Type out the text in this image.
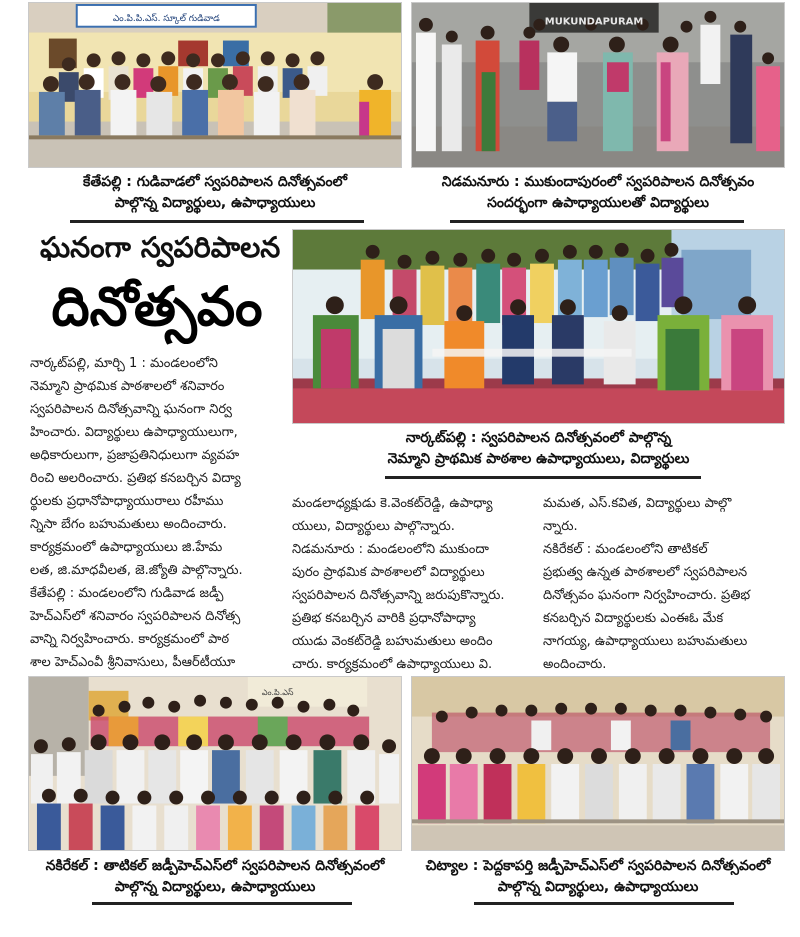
ఎం.పి.పి.ఎస్. స్కూల్ గుడివాడ	MUKUNDAPURAM
కేతేపల్లి : గుడివాడలో స్వపరిపాలన దినోత్సవంలో
పాల్గొన్న విద్యార్థులు, ఉపాధ్యాయులు
నిడమనూరు : ముకుందాపురంలో స్వపరిపాలన దినోత్సవం
సందర్భంగా ఉపాధ్యాయులతో విద్యార్థులు
ఘనంగా స్వపరిపాలన
దినోత్సవం
నార్కట్‌పల్లి : స్వపరిపాలన దినోత్సవంలో పాల్గొన్న
నెమ్మాని ప్రాథమిక పాఠశాల ఉపాధ్యాయులు, విద్యార్థులు
నార్కట్‌పల్లి, మార్చి 1 : మండలంలోని
నెమ్మాని ప్రాథమిక పాఠశాలలో శనివారం
స్వపరిపాలన దినోత్సవాన్ని ఘనంగా నిర్వ
హించారు. విద్యార్థులు ఉపాధ్యాయులుగా,
అధికారులుగా, ప్రజాప్రతినిధులుగా వ్యవహ
రించి అలరించారు. ప్రతిభ కనబర్చిన విద్యా
ర్థులకు ప్రధానోపాధ్యాయురాలు రహీము
న్నిసా బేగం బహుమతులు అందించారు.
కార్యక్రమంలో ఉపాధ్యాయులు జి.హేమ
లత, జి.మాధవీలత, జె.జ్యోతి పాల్గొన్నారు.
కేతేపల్లి : మండలంలోని గుడివాడ జడ్పీ
హెచ్‌ఎస్‌లో శనివారం స్వపరిపాలన దినోత్స
వాన్ని నిర్వహించారు. కార్యక్రమంలో పాఠ
శాల హెచ్‌ఎంవీ శ్రీనివాసులు, పీఆర్‌టీయూ
మండలాధ్యక్షుడు కె.వెంకట్‌రెడ్డి, ఉపాధ్యా
యులు, విద్యార్థులు పాల్గొన్నారు.
నిడమనూరు : మండలంలోని ముకుందా
పురం ప్రాథమిక పాఠశాలలో విద్యార్థులు
స్వపరిపాలన దినోత్సవాన్ని జరుపుకొన్నారు.
ప్రతిభ కనబర్చిన వారికి ప్రధానోపాధ్యా
యుడు వెంకట్‌రెడ్డి బహుమతులు అందిం
చారు. కార్యక్రమంలో ఉపాధ్యాయులు వి.
మమత, ఎస్.కవిత, విద్యార్థులు పాల్గొ
న్నారు.
నకిరేకల్ : మండలంలోని తాటికల్
ప్రభుత్వ ఉన్నత పాఠశాలలో స్వపరిపాలన
దినోత్సవం ఘనంగా నిర్వహించారు. ప్రతిభ
కనబర్చిన విద్యార్థులకు ఎంఈఓ మేక
నాగయ్య, ఉపాధ్యాయులు బహుమతులు
అందించారు.
ఎం.పి.ఎస్
నకిరేకల్ : తాటికల్ జడ్పీహెచ్‌ఎస్‌లో స్వపరిపాలన దినోత్సవంలో
పాల్గొన్న విద్యార్థులు, ఉపాధ్యాయులు
చిట్యాల : పెద్దకాపర్తి జడ్పీహెచ్‌ఎస్‌లో స్వపరిపాలన దినోత్సవంలో
పాల్గొన్న విద్యార్థులు, ఉపాధ్యాయులు
